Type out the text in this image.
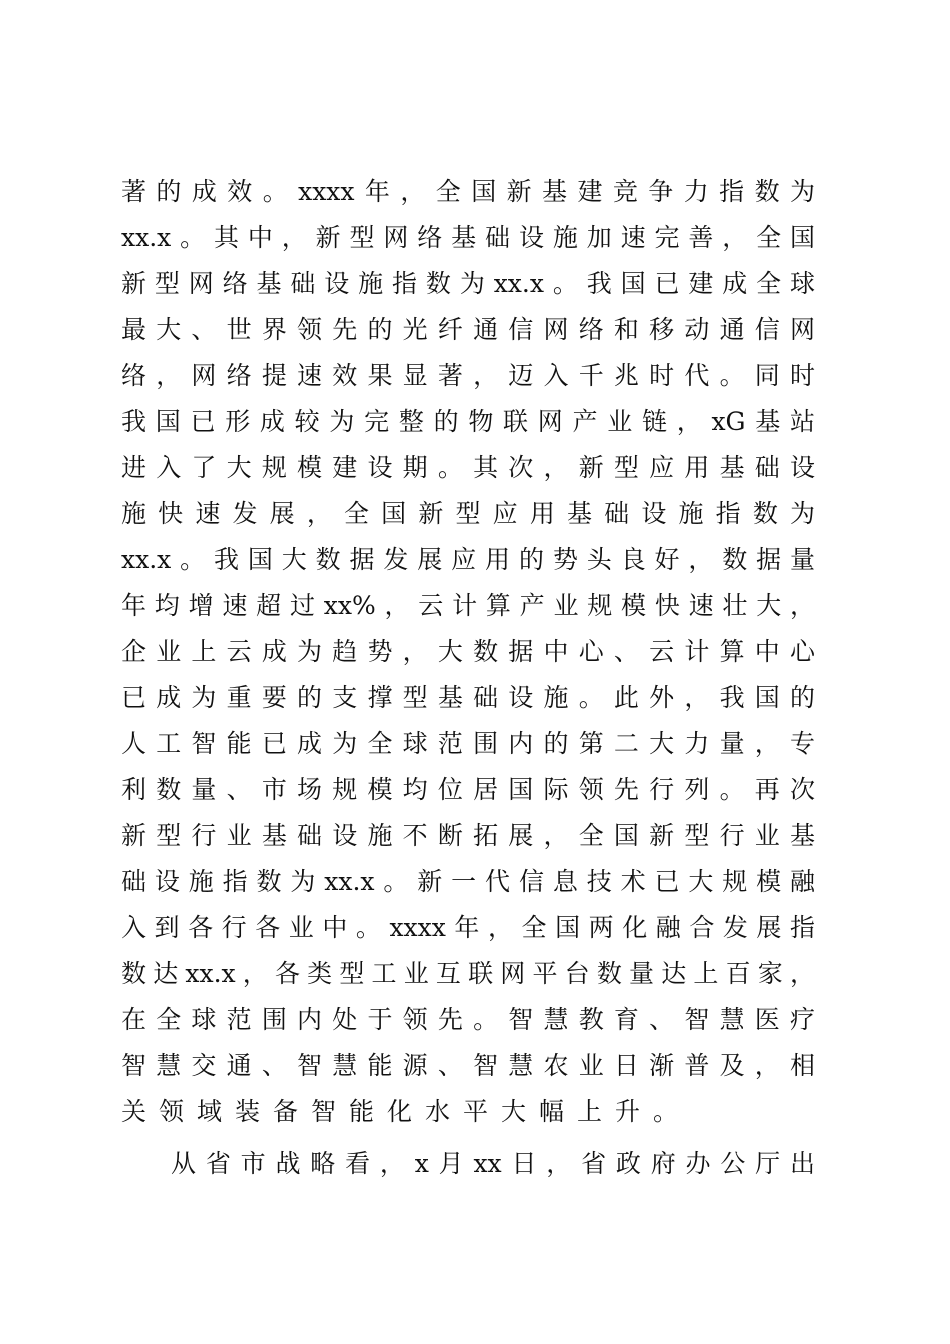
著的成效。xxxx年，全国新基建竞争力指数为
xx.x。其中，新型网络基础设施加速完善，全国
新型网络基础设施指数为xx.x。我国已建成全球
最大、世界领先的光纤通信网络和移动通信网
络，网络提速效果显著，迈入千兆时代。同时
我国已形成较为完整的物联网产业链，xG基站
进入了大规模建设期。其次，新型应用基础设
施快速发展，全国新型应用基础设施指数为
xx.x。我国大数据发展应用的势头良好，数据量
年均增速超过xx%，云计算产业规模快速壮大，
企业上云成为趋势，大数据中心、云计算中心
已成为重要的支撑型基础设施。此外，我国的
人工智能已成为全球范围内的第二大力量，专
利数量、市场规模均位居国际领先行列。再次
新型行业基础设施不断拓展，全国新型行业基
础设施指数为xx.x。新一代信息技术已大规模融
入到各行各业中。xxxx年，全国两化融合发展指
数达xx.x，各类型工业互联网平台数量达上百家，
在全球范围内处于领先。智慧教育、智慧医疗
智慧交通、智慧能源、智慧农业日渐普及，相
关领域装备智能化水平大幅上升。
从省市战略看，x月xx日，省政府办公厅出
